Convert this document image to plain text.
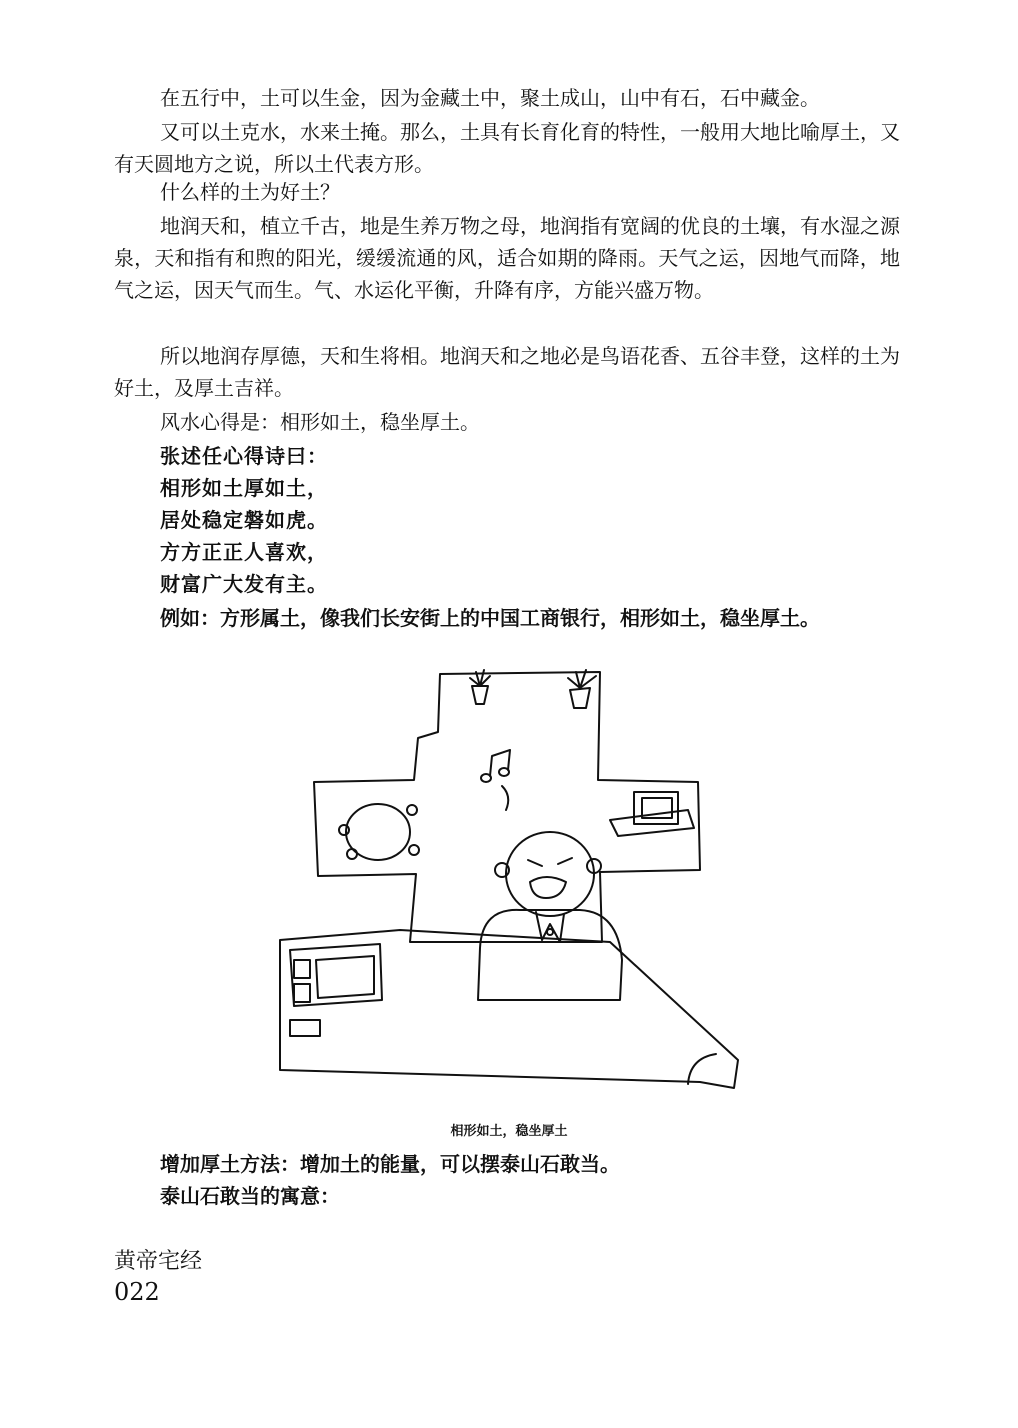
在五行中，土可以生金，因为金藏土中，聚土成山，山中有石，石中藏金。

又可以土克水，水来土掩。那么，土具有长育化育的特性，一般用大地比喻厚土，又有天圆地方之说，所以土代表方形。

什么样的土为好土？

地润天和，植立千古，地是生养万物之母，地润指有宽阔的优良的土壤，有水湿之源泉，天和指有和煦的阳光，缓缓流通的风，适合如期的降雨。天气之运，因地气而降，地气之运，因天气而生。气、水运化平衡，升降有序，方能兴盛万物。

所以地润存厚德，天和生将相。地润天和之地必是鸟语花香、五谷丰登，这样的土为好土，及厚土吉祥。

风水心得是：相形如土，稳坐厚土。

张述任心得诗曰：

相形如土厚如土，

居处稳定磐如虎。

方方正正人喜欢，

财富广大发有主。

例如：方形属土，像我们长安街上的中国工商银行，相形如土，稳坐厚土。

相形如土，稳坐厚土

增加厚土方法：增加土的能量，可以摆泰山石敢当。

泰山石敢当的寓意：

黄帝宅经
022
